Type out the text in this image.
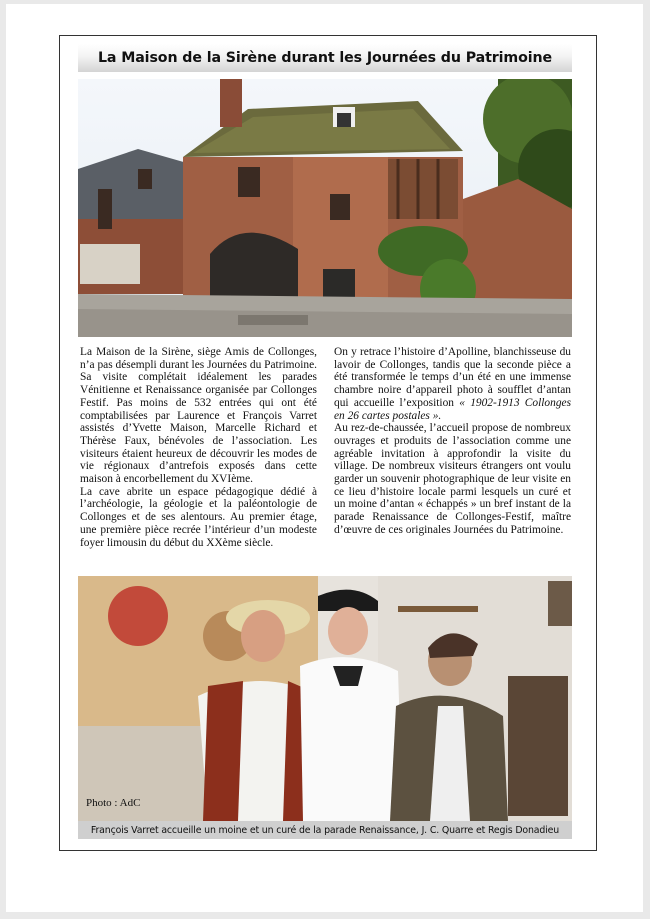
La Maison de la Sirène durant les Journées du Patrimoine

La Maison de la Sirène, siège Amis de Collonges, n’a pas désempli durant les Journées du Patrimoine. Sa visite complétait idéalement les parades Vénitienne et Renaissance organisée par Collonges Festif. Pas moins de 532 entrées qui ont été comptabilisées par Laurence et François Varret assistés d’Yvette Maison, Marcelle Richard et Thérèse Faux, bénévoles de l’association. Les visiteurs étaient heureux de découvrir les modes de vie régionaux d’antrefois exposés dans cette maison à encorbellement du XVIème.

La cave abrite un espace pédagogique dédié à l’archéologie, la géologie et la paléontologie de Collonges et de ses alentours. Au premier étage, une première pièce recrée l’intérieur d’un modeste foyer limousin du début du XXème siècle.

On y retrace l’histoire d’Apolline, blanchisseuse du lavoir de Collonges, tandis que la seconde pièce a été transformée le temps d’un été en une immense chambre noire d’appareil photo à soufflet d’antan qui accueille l’exposition « 1902-1913 Collonges en 26 cartes postales ».

Au rez-de-chaussée, l’accueil propose de nombreux ouvrages et produits de l’association comme une agréable invitation à approfondir la visite du village. De nombreux visiteurs étrangers ont voulu garder un souvenir photographique de leur visite en ce lieu d’histoire locale parmi lesquels un curé et un moine d’antan « échappés » un bref instant de la parade Renaissance de Collonges-Festif, maître d’œuvre de ces originales Journées du Patrimoine.

Photo : AdC
François Varret accueille un moine et un curé de la parade Renaissance, J. C. Quarre et Regis Donadieu
